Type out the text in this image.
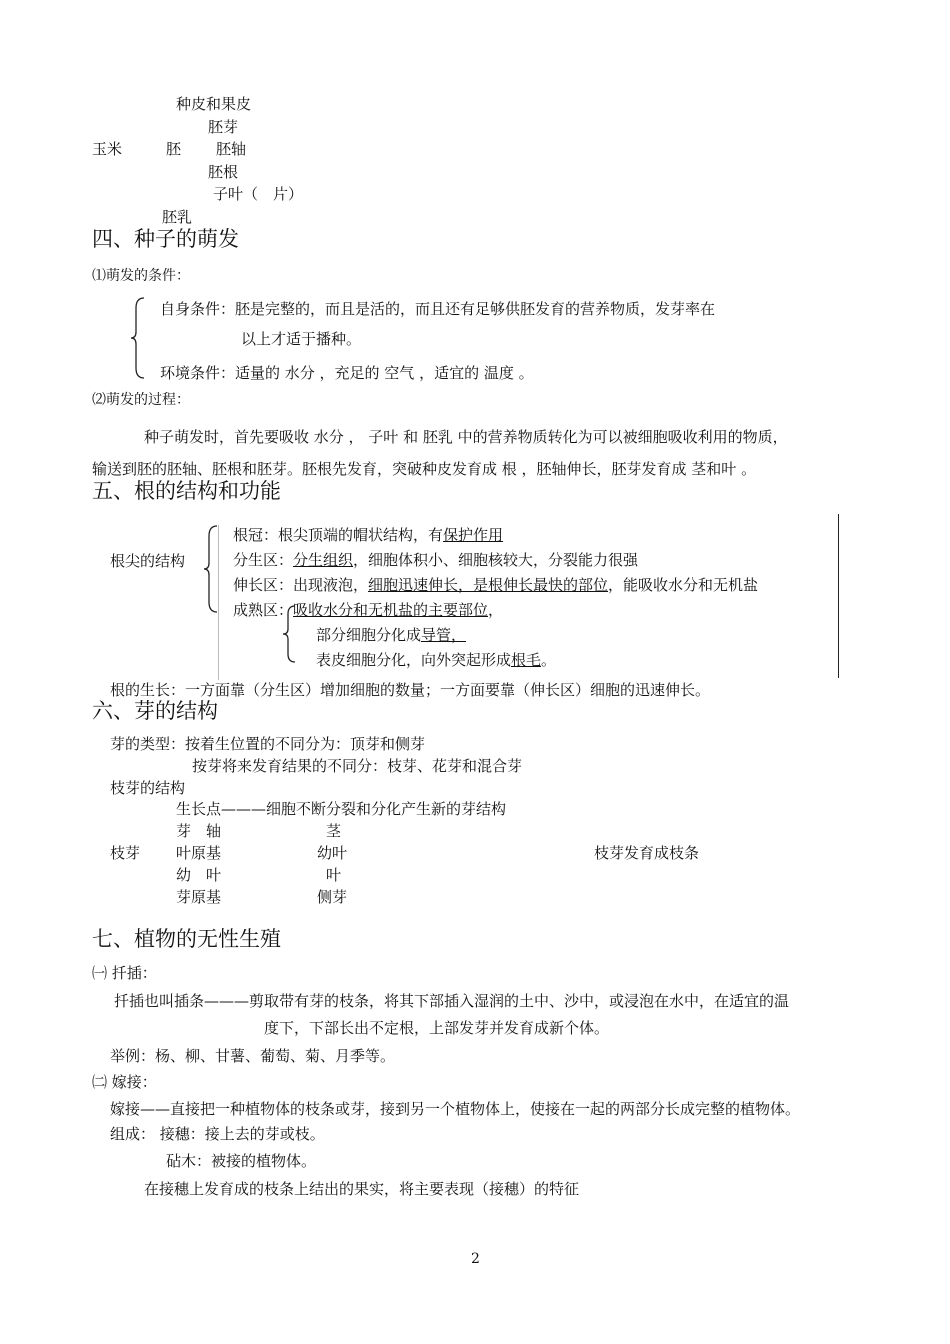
种皮和果皮
胚芽
玉米	胚 胚轴
胚根
子叶（　片）
胚乳
四、种子的萌发
⑴萌发的条件：
自身条件：胚是完整的，而且是活的，而且还有足够供胚发育的营养物质，发芽率在
以上才适于播种。
环境条件：适量的 水分 ，充足的 空气 ，适宜的 温度 。
⑵萌发的过程：
种子萌发时，首先要吸收 水分 ， 子叶 和 胚乳 中的营养物质转化为可以被细胞吸收利用的物质，
输送到胚的胚轴、胚根和胚芽。胚根先发育，突破种皮发育成 根 ，胚轴伸长，胚芽发育成 茎和叶 。
五、根的结构和功能
根尖的结构
根冠：根尖顶端的帽状结构，有保护作用
分生区：分生组织，细胞体积小、细胞核较大，分裂能力很强
伸长区：出现液泡，细胞迅速伸长，是根伸长最快的部位，能吸收水分和无机盐
成熟区：吸收水分和无机盐的主要部位，
部分细胞分化成导管，
表皮细胞分化，向外突起形成根毛。
根的生长：一方面靠（分生区）增加细胞的数量；一方面要靠（伸长区）细胞的迅速伸长。
六、芽的结构
芽的类型：按着生位置的不同分为：顶芽和侧芽
按芽将来发育结果的不同分：枝芽、花芽和混合芽
枝芽的结构
生长点———细胞不断分裂和分化产生新的芽结构
芽　轴	茎
枝芽 叶原基	幼叶	枝芽发育成枝条
幼　叶	叶
芽原基	侧芽
七、植物的无性生殖
㈠ 扦插：
扦插也叫插条———剪取带有芽的枝条，将其下部插入湿润的土中、沙中，或浸泡在水中，在适宜的温
度下，下部长出不定根，上部发芽并发育成新个体。
举例：杨、柳、甘薯、葡萄、菊、月季等。
㈡ 嫁接：
嫁接——直接把一种植物体的枝条或芽，接到另一个植物体上，使接在一起的两部分长成完整的植物体。
组成： 接穗：接上去的芽或枝。
砧木：被接的植物体。
在接穗上发育成的枝条上结出的果实，将主要表现（接穗）的特征
2
